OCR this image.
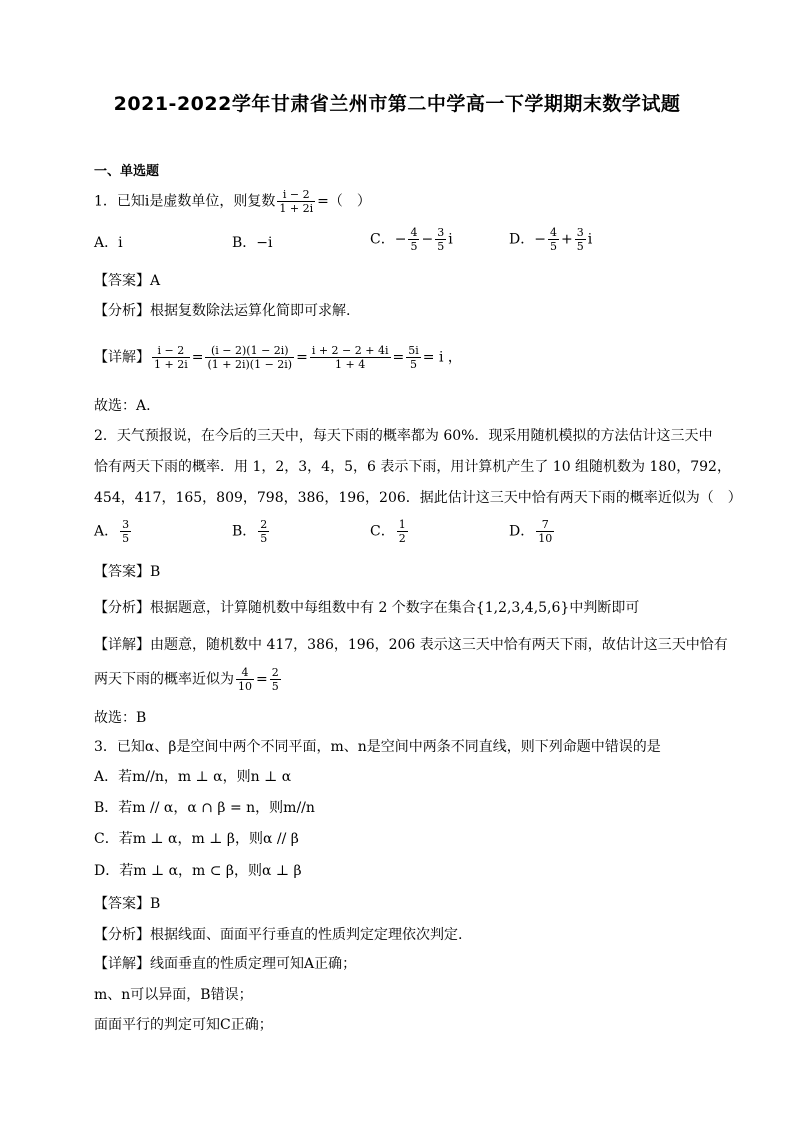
2021-2022学年甘肃省兰州市第二中学高一下学期期末数学试题
一、单选题
1．已知i是虚数单位，则复数 $\frac{i - 2}{1 + 2i}$ =（　）
A．i	B．−i	C．− $\frac{4}{5} - \frac{3}{5}$ i	D．− $\frac{4}{5} + \frac{3}{5}$ i
【答案】A
【分析】根据复数除法运算化简即可求解.
【详解】 $\frac{i - 2}{1 + 2i} = \frac{(i - 2)(1 - 2i)}{(1 + 2i)(1 - 2i)} = \frac{i + 2 - 2 + 4i}{1 + 4} = \frac{5i}{5} = i$ ，
故选：A.
2．天气预报说，在今后的三天中，每天下雨的概率都为 60%．现采用随机模拟的方法估计这三天中
恰有两天下雨的概率．用 1，2，3，4，5，6 表示下雨，用计算机产生了 10 组随机数为 180，792，
454，417，165，809，798，386，196，206．据此估计这三天中恰有两天下雨的概率近似为（　）
A． $\frac{3}{5}$	B． $\frac{2}{5}$	C． $\frac{1}{2}$	D． $\frac{7}{10}$
【答案】B
【分析】根据题意，计算随机数中每组数中有 2 个数字在集合{1,2,3,4,5,6}中判断即可
【详解】由题意，随机数中 417，386，196，206 表示这三天中恰有两天下雨，故估计这三天中恰有
两天下雨的概率近似为 $\frac{4}{10} = \frac{2}{5}$
故选：B
3．已知α、β是空间中两个不同平面，m、n是空间中两条不同直线，则下列命题中错误的是
A．若m//n，m ⊥ α，则n ⊥ α
B．若m // α，α ∩ β = n，则m//n
C．若m ⊥ α，m ⊥ β，则α // β
D．若m ⊥ α，m ⊂ β，则α ⊥ β
【答案】B
【分析】根据线面、面面平行垂直的性质判定定理依次判定.
【详解】线面垂直的性质定理可知A正确；
m、n可以异面，B错误；
面面平行的判定可知C正确；
